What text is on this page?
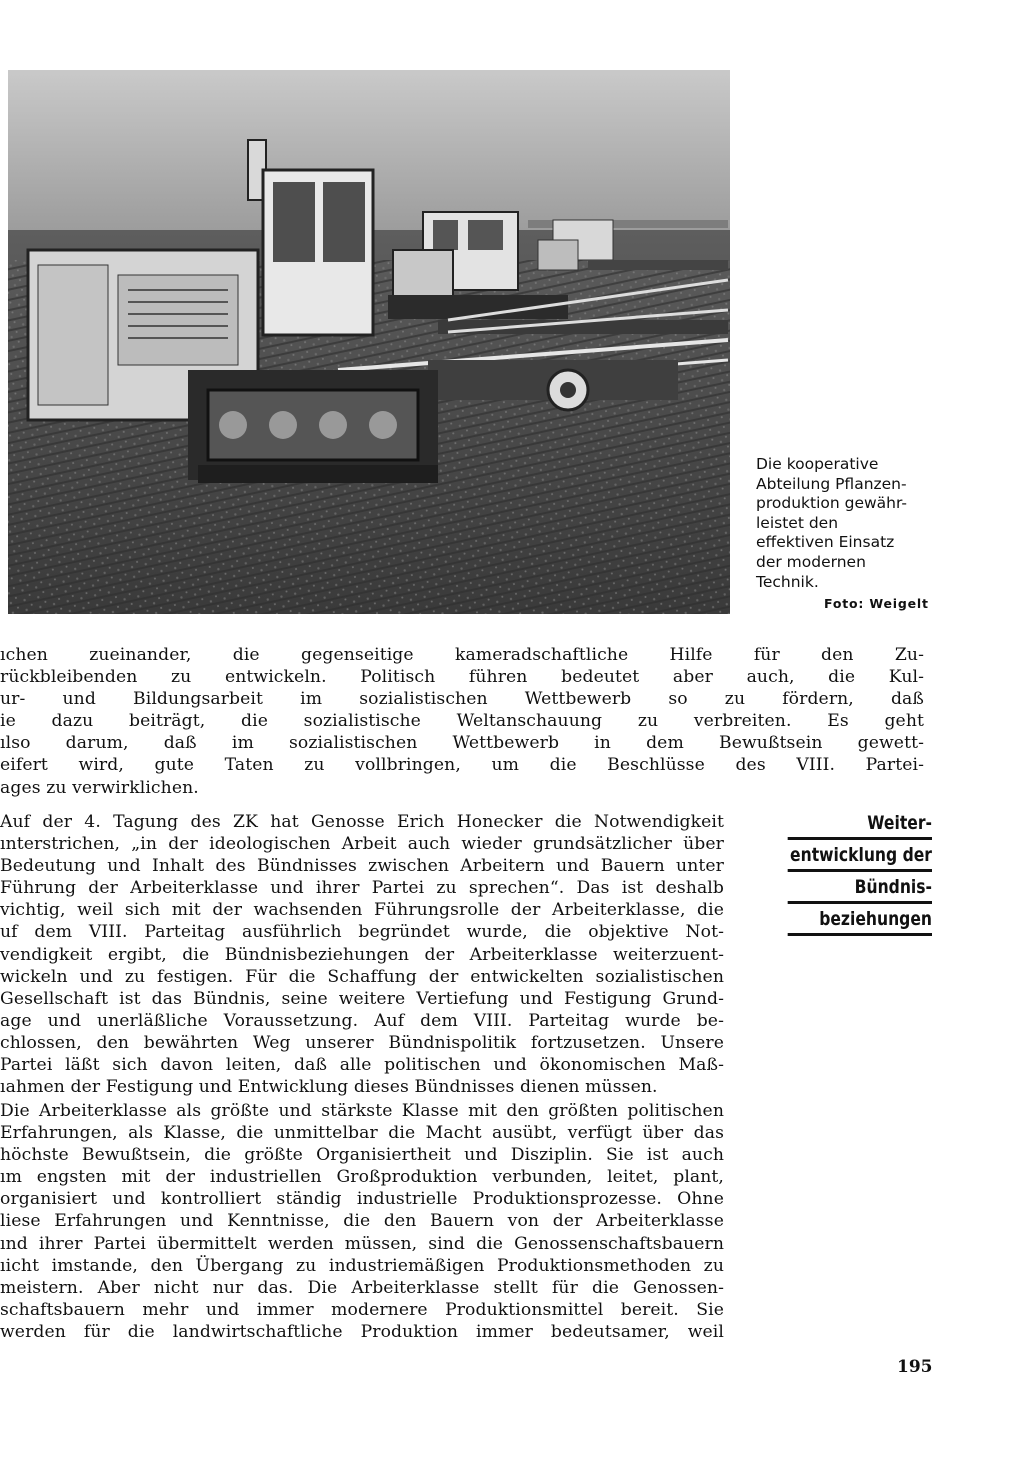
Die kooperative

Abteilung Pflanzen-

produktion gewähr-

leistet den

effektiven Einsatz

der modernen

Technik.

Foto: Weigelt
ıchen zueinander, die gegenseitige kameradschaftliche Hilfe für den Zu-
rückbleibenden zu entwickeln. Politisch führen bedeutet aber auch, die Kul-
ur- und Bildungsarbeit im sozialistischen Wettbewerb so zu fördern, daß
ie dazu beiträgt, die sozialistische Weltanschauung zu verbreiten. Es geht
ılso darum, daß im sozialistischen Wettbewerb in dem Bewußtsein gewett-
eifert wird, gute Taten zu vollbringen, um die Beschlüsse des VIII. Partei-
ages zu verwirklichen.
Auf der 4. Tagung des ZK hat Genosse Erich Honecker die Notwendigkeit
ınterstrichen, „in der ideologischen Arbeit auch wieder grundsätzlicher über
Bedeutung und Inhalt des Bündnisses zwischen Arbeitern und Bauern unter
Führung der Arbeiterklasse und ihrer Partei zu sprechen“. Das ist deshalb
vichtig, weil sich mit der wachsenden Führungsrolle der Arbeiterklasse, die
uf dem VIII. Parteitag ausführlich begründet wurde, die objektive Not-
vendigkeit ergibt, die Bündnisbeziehungen der Arbeiterklasse weiterzuent-
wickeln und zu festigen. Für die Schaffung der entwickelten sozialistischen
Gesellschaft ist das Bündnis, seine weitere Vertiefung und Festigung Grund-
age und unerläßliche Voraussetzung. Auf dem VIII. Parteitag wurde be-
chlossen, den bewährten Weg unserer Bündnispolitik fortzusetzen. Unsere
Partei läßt sich davon leiten, daß alle politischen und ökonomischen Maß-
ıahmen der Festigung und Entwicklung dieses Bündnisses dienen müssen.
Die Arbeiterklasse als größte und stärkste Klasse mit den größten politischen
Erfahrungen, als Klasse, die unmittelbar die Macht ausübt, verfügt über das
höchste Bewußtsein, die größte Organisiertheit und Disziplin. Sie ist auch
ım engsten mit der industriellen Großproduktion verbunden, leitet, plant,
organisiert und kontrolliert ständig industrielle Produktionsprozesse. Ohne
liese Erfahrungen und Kenntnisse, die den Bauern von der Arbeiterklasse
ınd ihrer Partei übermittelt werden müssen, sind die Genossenschaftsbauern
ıicht imstande, den Übergang zu industriemäßigen Produktionsmethoden zu
meistern. Aber nicht nur das. Die Arbeiterklasse stellt für die Genossen-
schaftsbauern mehr und immer modernere Produktionsmittel bereit. Sie
werden für die landwirtschaftliche Produktion immer bedeutsamer, weil
Weiter-
entwicklung der
Bündnis-
beziehungen
195
